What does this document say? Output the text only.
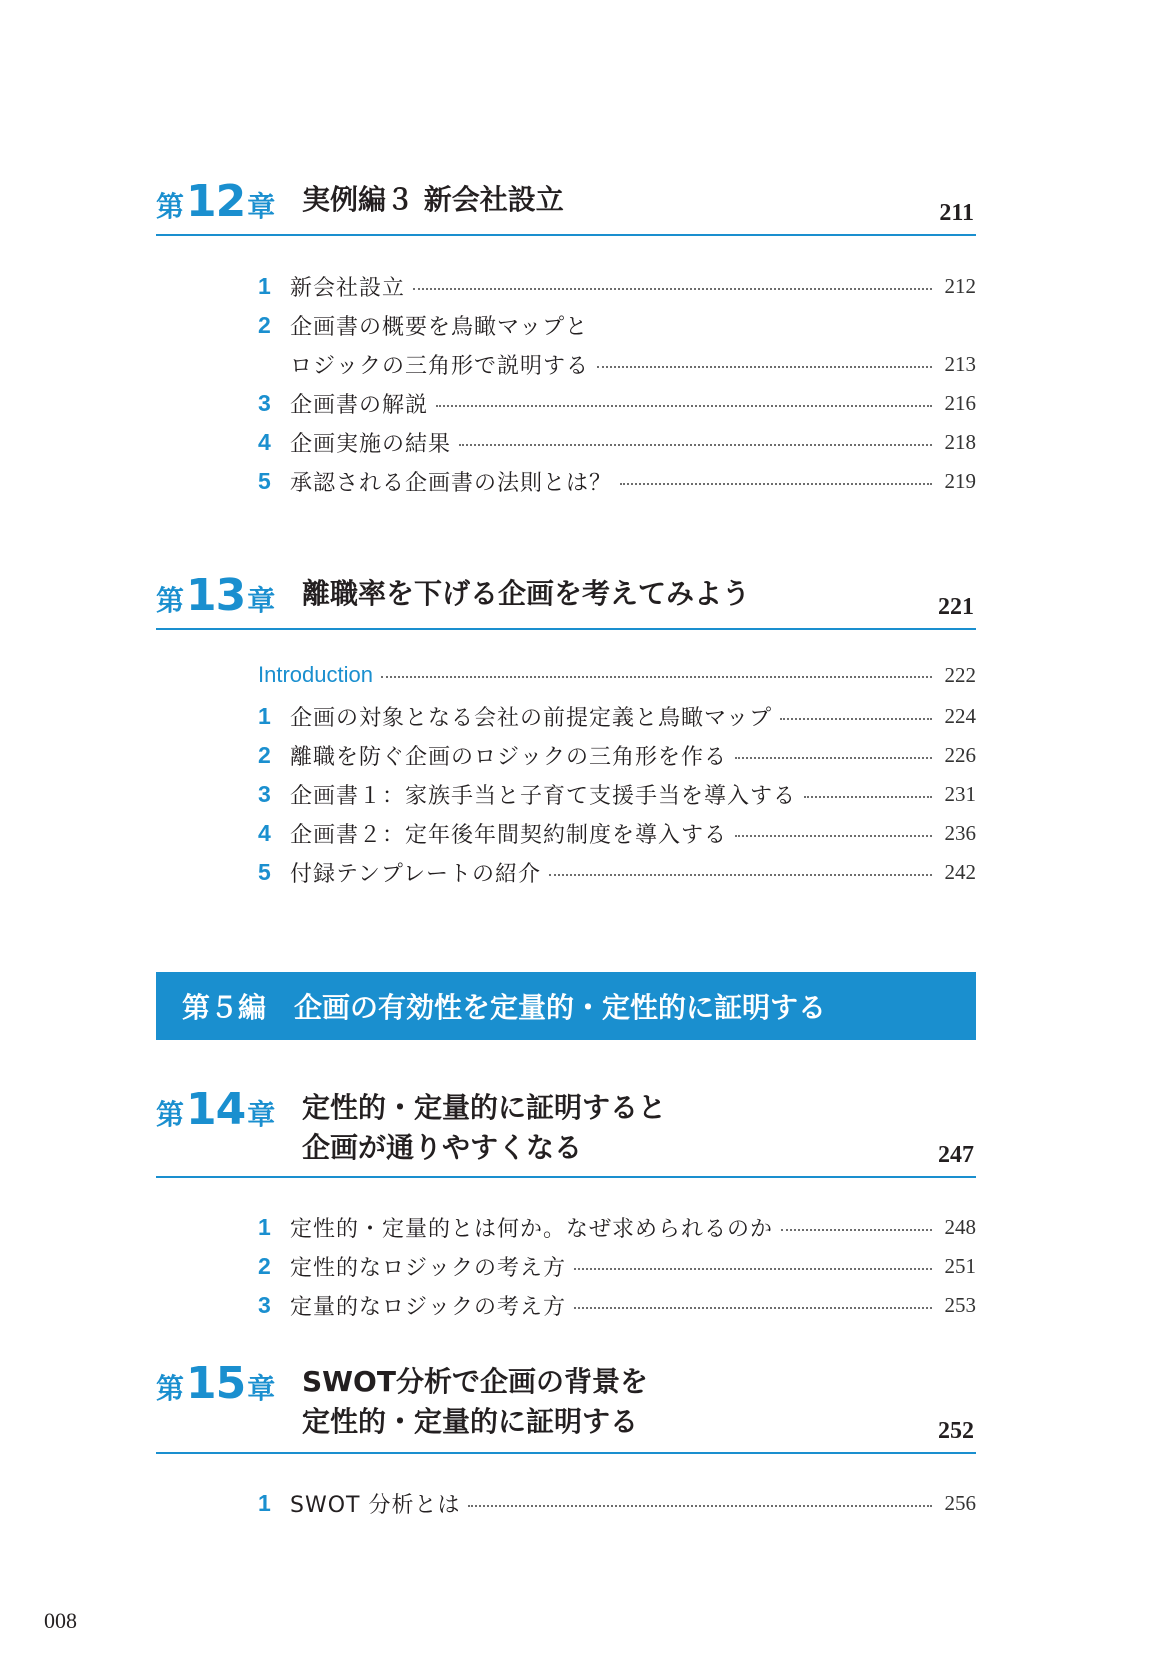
第12章 実例編３ 新会社設立	211
1 新会社設立	212
2 企画書の概要を鳥瞰マップと
ロジックの三角形で説明する	213
3 企画書の解説	216
4 企画実施の結果	218
5 承認される企画書の法則とは？	219
第13章 離職率を下げる企画を考えてみよう	221
Introduction	222
1 企画の対象となる会社の前提定義と鳥瞰マップ	224
2 離職を防ぐ企画のロジックの三角形を作る	226
3 企画書１：家族手当と子育て支援手当を導入する	231
4 企画書２：定年後年間契約制度を導入する	236
5 付録テンプレートの紹介	242
第５編　企画の有効性を定量的・定性的に証明する
第14章 定性的・定量的に証明すると
企画が通りやすくなる	247
1 定性的・定量的とは何か。なぜ求められるのか	248
2 定性的なロジックの考え方	251
3 定量的なロジックの考え方	253
第15章 SWOT分析で企画の背景を
定性的・定量的に証明する	252
1 SWOT 分析とは	256
008
